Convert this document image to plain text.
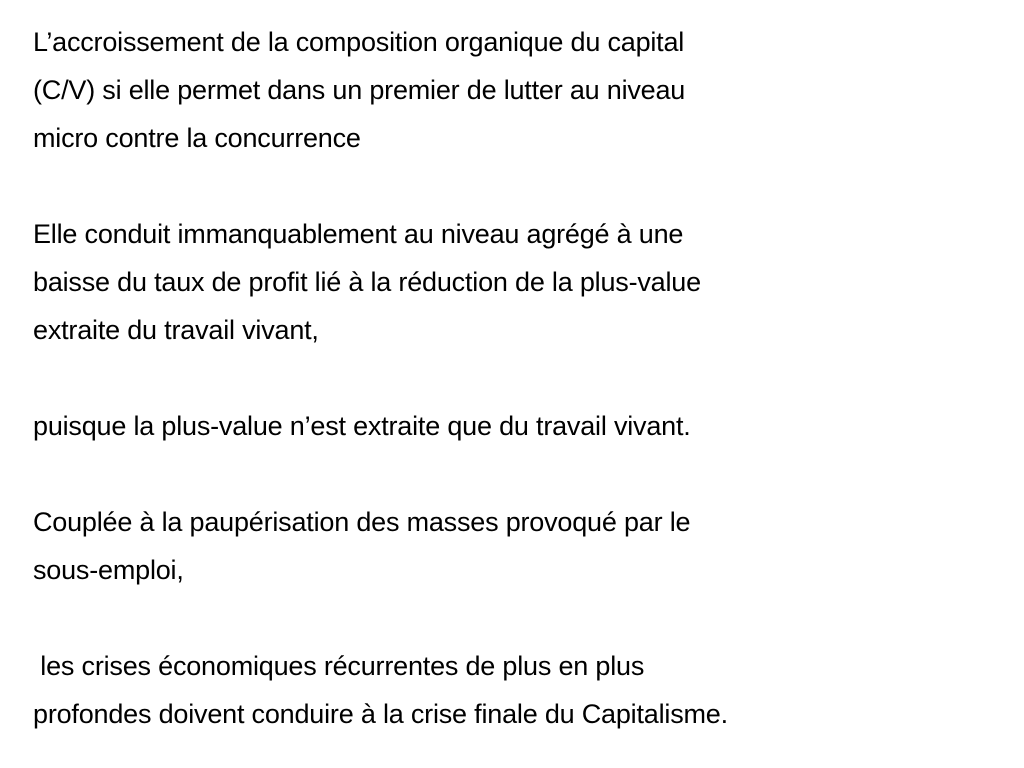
L’accroissement de la composition organique du capital
(C/V) si elle permet dans un premier de lutter au niveau
micro contre la concurrence

Elle conduit immanquablement au niveau agrégé à une
baisse du taux de profit lié à la réduction de la plus-value
extraite du travail vivant,

puisque la plus-value n’est extraite que du travail vivant.

Couplée à la paupérisation des masses provoqué par le
sous-emploi,

les crises économiques récurrentes de plus en plus
profondes doivent conduire à la crise finale du Capitalisme.
